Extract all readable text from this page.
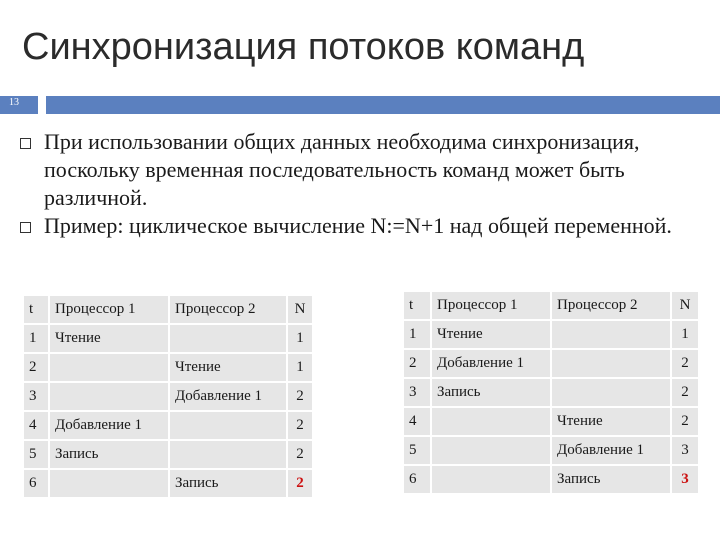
Синхронизация потоков команд
13
При использовании общих данных необходима синхронизация, поскольку временная последовательность команд может быть различной.
Пример: циклическое вычисление N:=N+1 над общей переменной.
t	Процессор 1	Процессор 2	N
1	Чтение		1
2		Чтение	1
3		Добавление 1	2
4	Добавление 1		2
5	Запись		2
6		Запись	2
t	Процессор 1	Процессор 2	N
1	Чтение		1
2	Добавление 1		2
3	Запись		2
4		Чтение	2
5		Добавление 1	3
6		Запись	3
